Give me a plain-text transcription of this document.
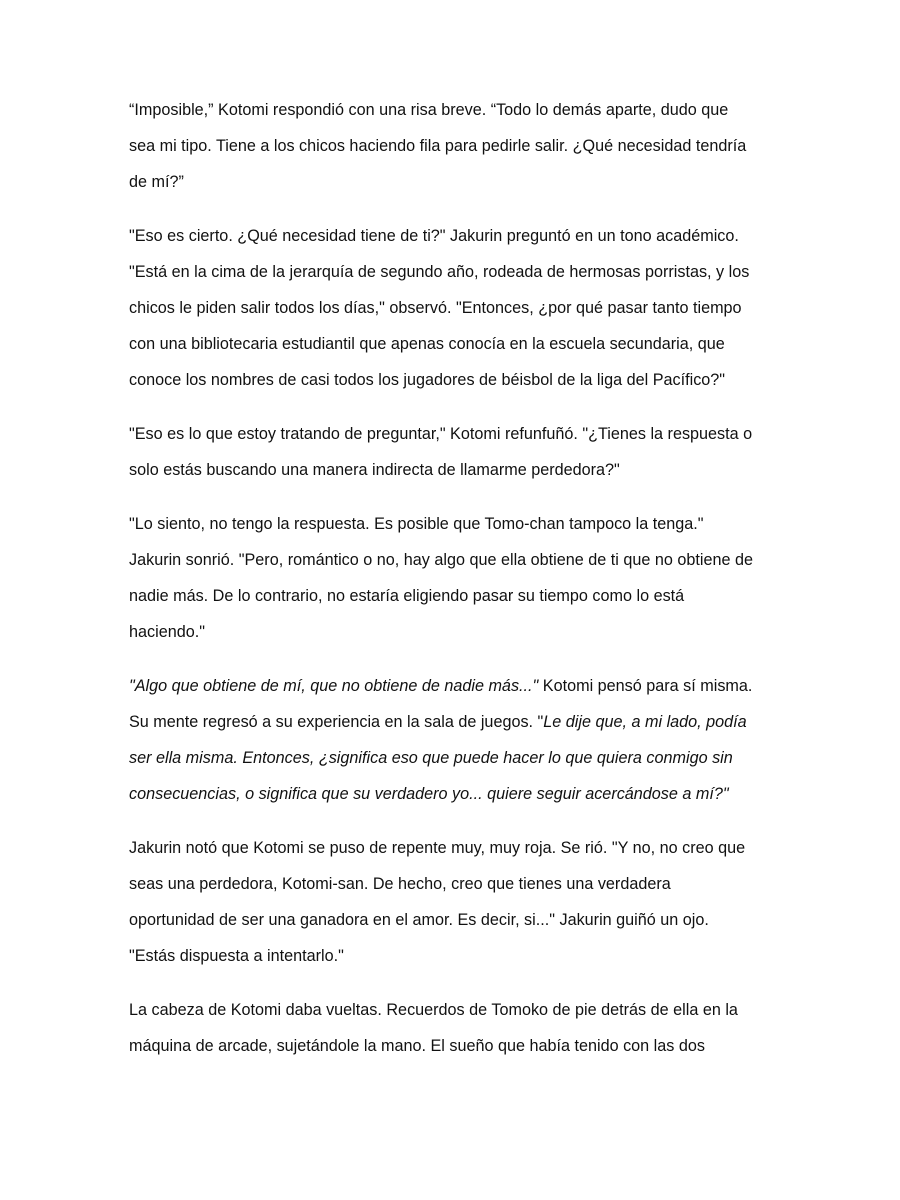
“Imposible,” Kotomi respondió con una risa breve. “Todo lo demás aparte, dudo que
sea mi tipo. Tiene a los chicos haciendo fila para pedirle salir. ¿Qué necesidad tendría
de mí?”

"Eso es cierto. ¿Qué necesidad tiene de ti?" Jakurin preguntó en un tono académico.
"Está en la cima de la jerarquía de segundo año, rodeada de hermosas porristas, y los
chicos le piden salir todos los días," observó. "Entonces, ¿por qué pasar tanto tiempo
con una bibliotecaria estudiantil que apenas conocía en la escuela secundaria, que
conoce los nombres de casi todos los jugadores de béisbol de la liga del Pacífico?"

"Eso es lo que estoy tratando de preguntar," Kotomi refunfuñó. "¿Tienes la respuesta o
solo estás buscando una manera indirecta de llamarme perdedora?"

"Lo siento, no tengo la respuesta. Es posible que Tomo-chan tampoco la tenga."
Jakurin sonrió. "Pero, romántico o no, hay algo que ella obtiene de ti que no obtiene de
nadie más. De lo contrario, no estaría eligiendo pasar su tiempo como lo está
haciendo."

"Algo que obtiene de mí, que no obtiene de nadie más..." Kotomi pensó para sí misma.
Su mente regresó a su experiencia en la sala de juegos. "Le dije que, a mi lado, podía
ser ella misma. Entonces, ¿significa eso que puede hacer lo que quiera conmigo sin
consecuencias, o significa que su verdadero yo... quiere seguir acercándose a mí?"

Jakurin notó que Kotomi se puso de repente muy, muy roja. Se rió. "Y no, no creo que
seas una perdedora, Kotomi-san. De hecho, creo que tienes una verdadera
oportunidad de ser una ganadora en el amor. Es decir, si..." Jakurin guiñó un ojo.
"Estás dispuesta a intentarlo."

La cabeza de Kotomi daba vueltas. Recuerdos de Tomoko de pie detrás de ella en la
máquina de arcade, sujetándole la mano. El sueño que había tenido con las dos
